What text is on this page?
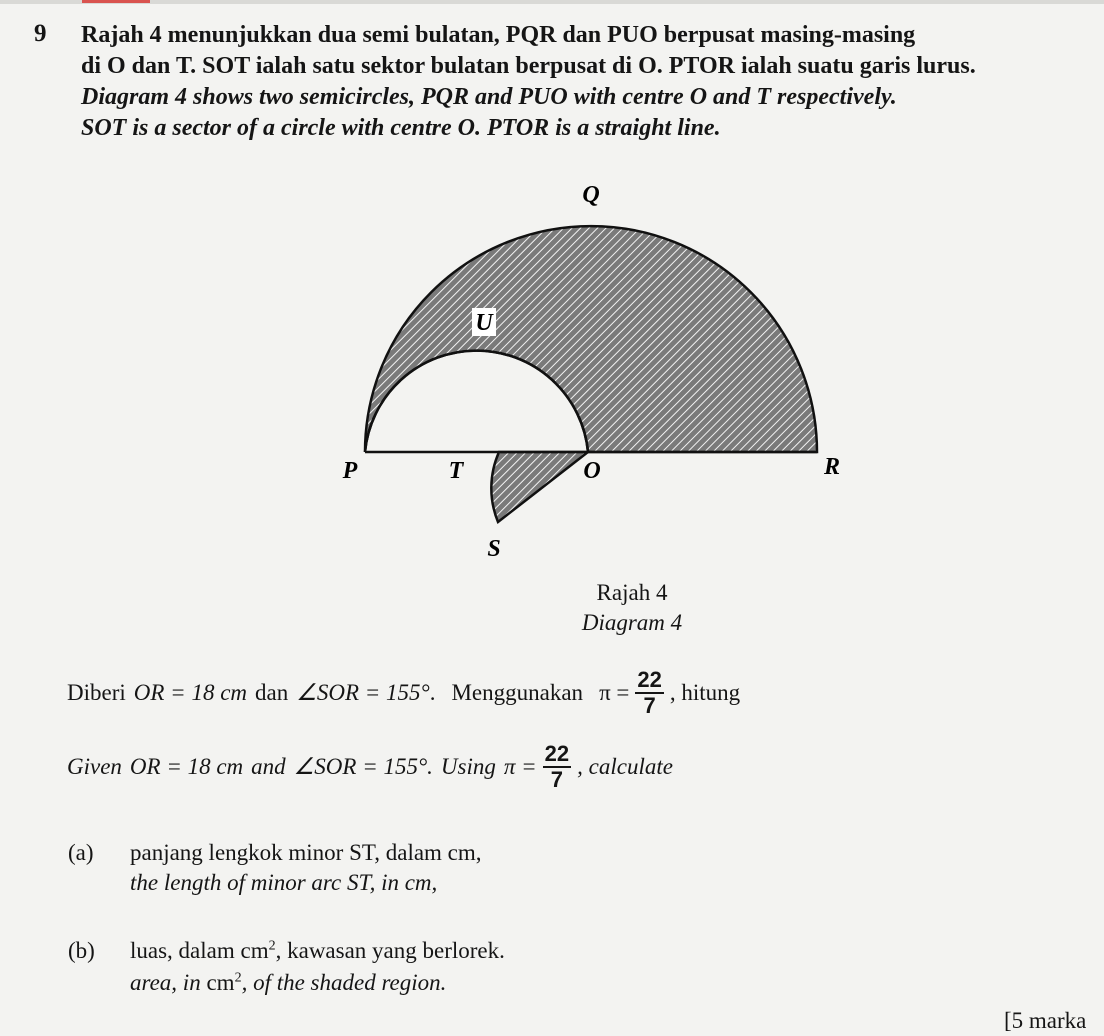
9 Rajah 4 menunjukkan dua semi bulatan, PQR dan PUO berpusat masing-masing

di O dan T. SOT ialah satu sektor bulatan berpusat di O. PTOR ialah suatu garis lurus.

Diagram 4 shows two semicircles, PQR and PUO with centre O and T respectively.

SOT is a sector of a circle with centre O. PTOR is a straight line.

Q
U
P	T	O	R
S
Rajah 4
Diagram 4
Diberi OR = 18 cm dan ∠SOR = 155° . Menggunakan $\pi = \frac{22}{7}$ , hitung
Given OR = 18 cm and ∠SOR = 155° . Using $\pi = \frac{22}{7}$ , calculate
(a) panjang lengkok minor ST, dalam cm,
the length of minor arc ST, in cm,
(b) luas, dalam $cm^2$, kawasan yang berlorek.
area, in $cm^2$, of the shaded region.
[5 marka
